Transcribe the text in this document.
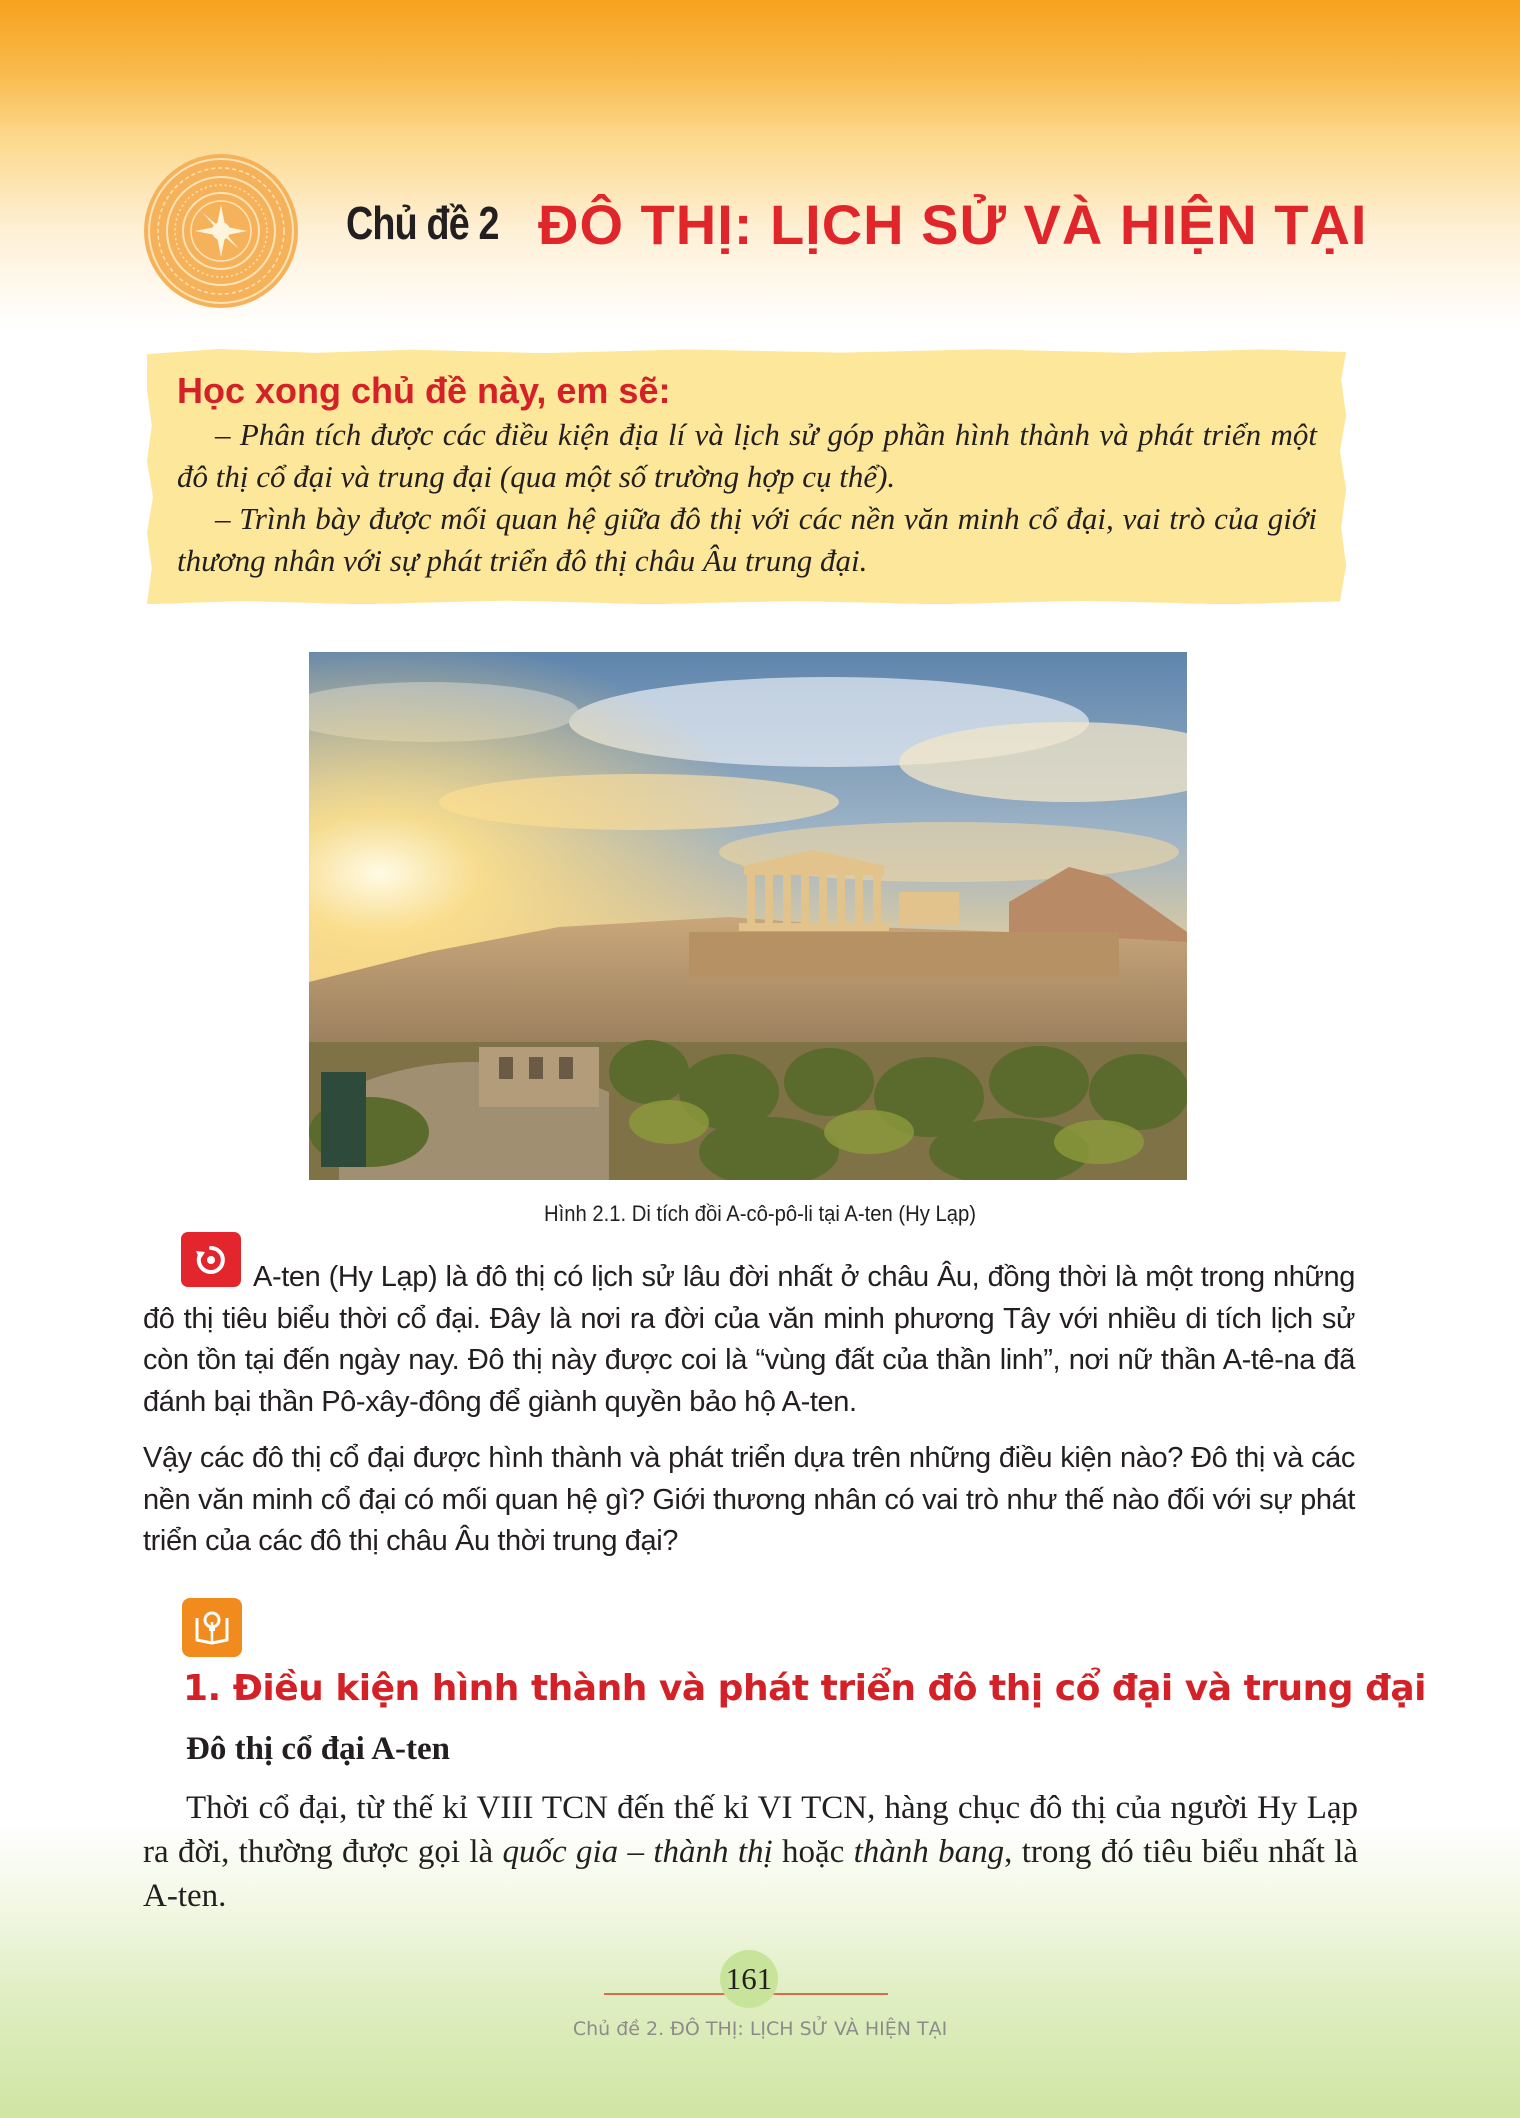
Chủ đề 2 ĐÔ THỊ: LỊCH SỬ VÀ HIỆN TẠI
Học xong chủ đề này, em sẽ:
– Phân tích được các điều kiện địa lí và lịch sử góp phần hình thành và phát triển một đô thị cổ đại và trung đại (qua một số trường hợp cụ thể).
– Trình bày được mối quan hệ giữa đô thị với các nền văn minh cổ đại, vai trò của giới thương nhân với sự phát triển đô thị châu Âu trung đại.
Hình 2.1. Di tích đồi A-cô-pô-li tại A-ten (Hy Lạp)
A-ten (Hy Lạp) là đô thị có lịch sử lâu đời nhất ở châu Âu, đồng thời là một trong những đô thị tiêu biểu thời cổ đại. Đây là nơi ra đời của văn minh phương Tây với nhiều di tích lịch sử còn tồn tại đến ngày nay. Đô thị này được coi là “vùng đất của thần linh”, nơi nữ thần A-tê-na đã đánh bại thần Pô-xây-đông để giành quyền bảo hộ A-ten.
Vậy các đô thị cổ đại được hình thành và phát triển dựa trên những điều kiện nào? Đô thị và các nền văn minh cổ đại có mối quan hệ gì? Giới thương nhân có vai trò như thế nào đối với sự phát triển của các đô thị châu Âu thời trung đại?
1. Điều kiện hình thành và phát triển đô thị cổ đại và trung đại
Đô thị cổ đại A-ten
Thời cổ đại, từ thế kỉ VIII TCN đến thế kỉ VI TCN, hàng chục đô thị của người Hy Lạp ra đời, thường được gọi là quốc gia – thành thị hoặc thành bang, trong đó tiêu biểu nhất là A-ten.
161
Chủ đề 2. ĐÔ THỊ: LỊCH SỬ VÀ HIỆN TẠI
